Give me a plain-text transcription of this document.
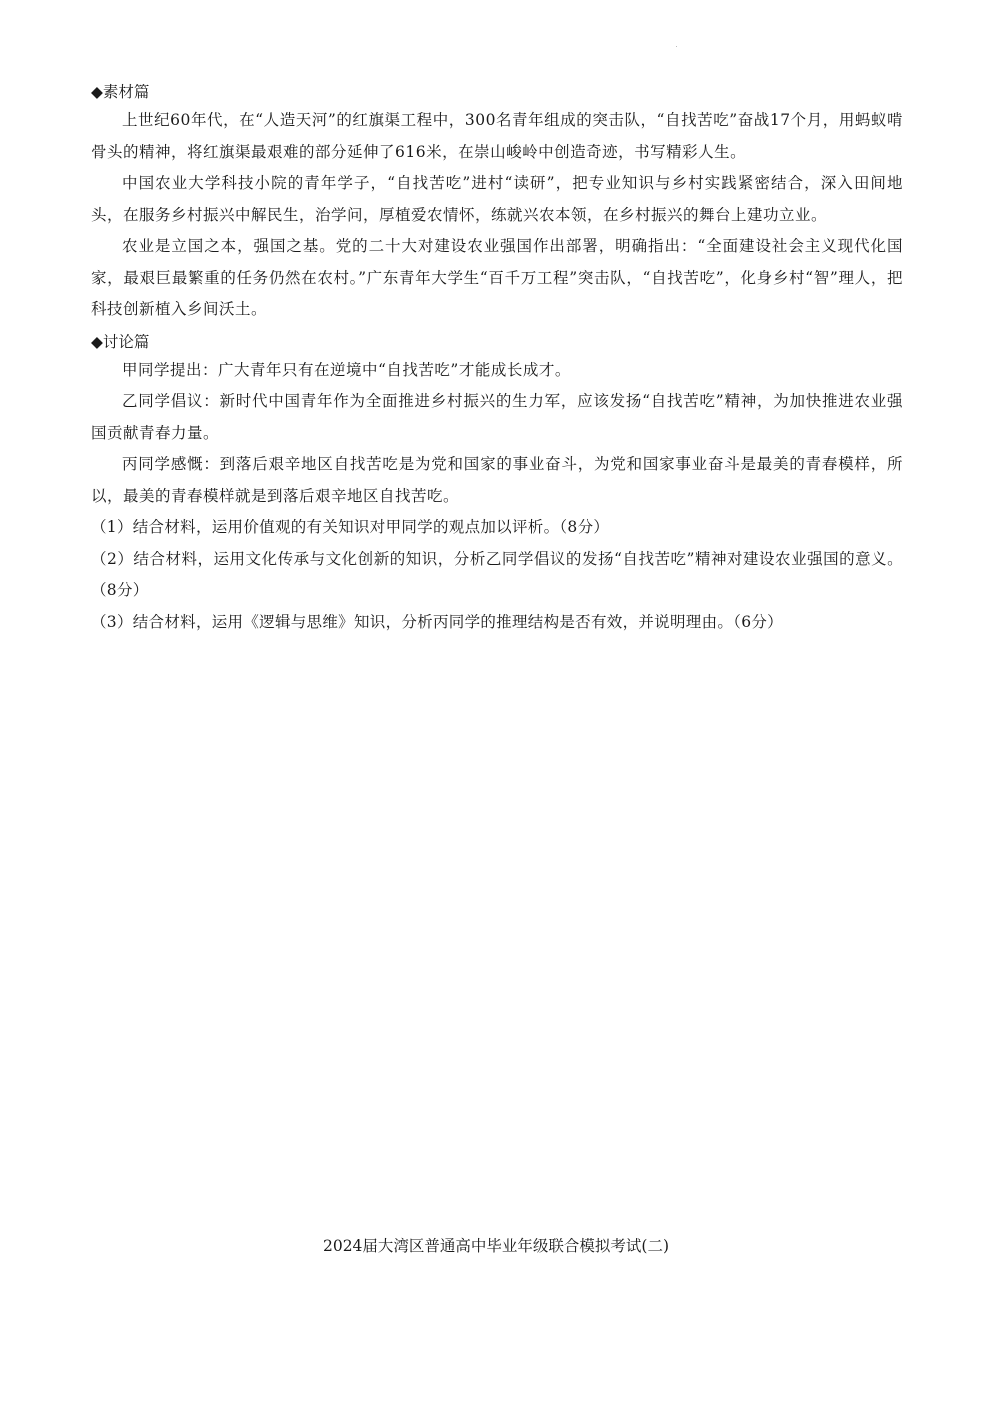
◆素材篇

上世纪60年代，在“人造天河”的红旗渠工程中，300名青年组成的突击队，“自找苦吃”奋战17个月，用蚂蚁啃骨头的精神，将红旗渠最艰难的部分延伸了616米，在崇山峻岭中创造奇迹，书写精彩人生。

中国农业大学科技小院的青年学子，“自找苦吃”进村“读研”，把专业知识与乡村实践紧密结合，深入田间地头，在服务乡村振兴中解民生，治学问，厚植爱农情怀，练就兴农本领，在乡村振兴的舞台上建功立业。

农业是立国之本，强国之基。党的二十大对建设农业强国作出部署，明确指出：“全面建设社会主义现代化国家，最艰巨最繁重的任务仍然在农村。”广东青年大学生“百千万工程”突击队，“自找苦吃”，化身乡村“智”理人，把科技创新植入乡间沃土。

◆讨论篇

甲同学提出：广大青年只有在逆境中“自找苦吃”才能成长成才。

乙同学倡议：新时代中国青年作为全面推进乡村振兴的生力军，应该发扬“自找苦吃”精神，为加快推进农业强国贡献青春力量。

丙同学感慨：到落后艰辛地区自找苦吃是为党和国家的事业奋斗，为党和国家事业奋斗是最美的青春模样，所以，最美的青春模样就是到落后艰辛地区自找苦吃。

（1）结合材料，运用价值观的有关知识对甲同学的观点加以评析。（8分）

（2）结合材料，运用文化传承与文化创新的知识，分析乙同学倡议的发扬“自找苦吃”精神对建设农业强国的意义。（8分）

（3）结合材料，运用《逻辑与思维》知识，分析丙同学的推理结构是否有效，并说明理由。（6分）

2024届大湾区普通高中毕业年级联合模拟考试(二)
